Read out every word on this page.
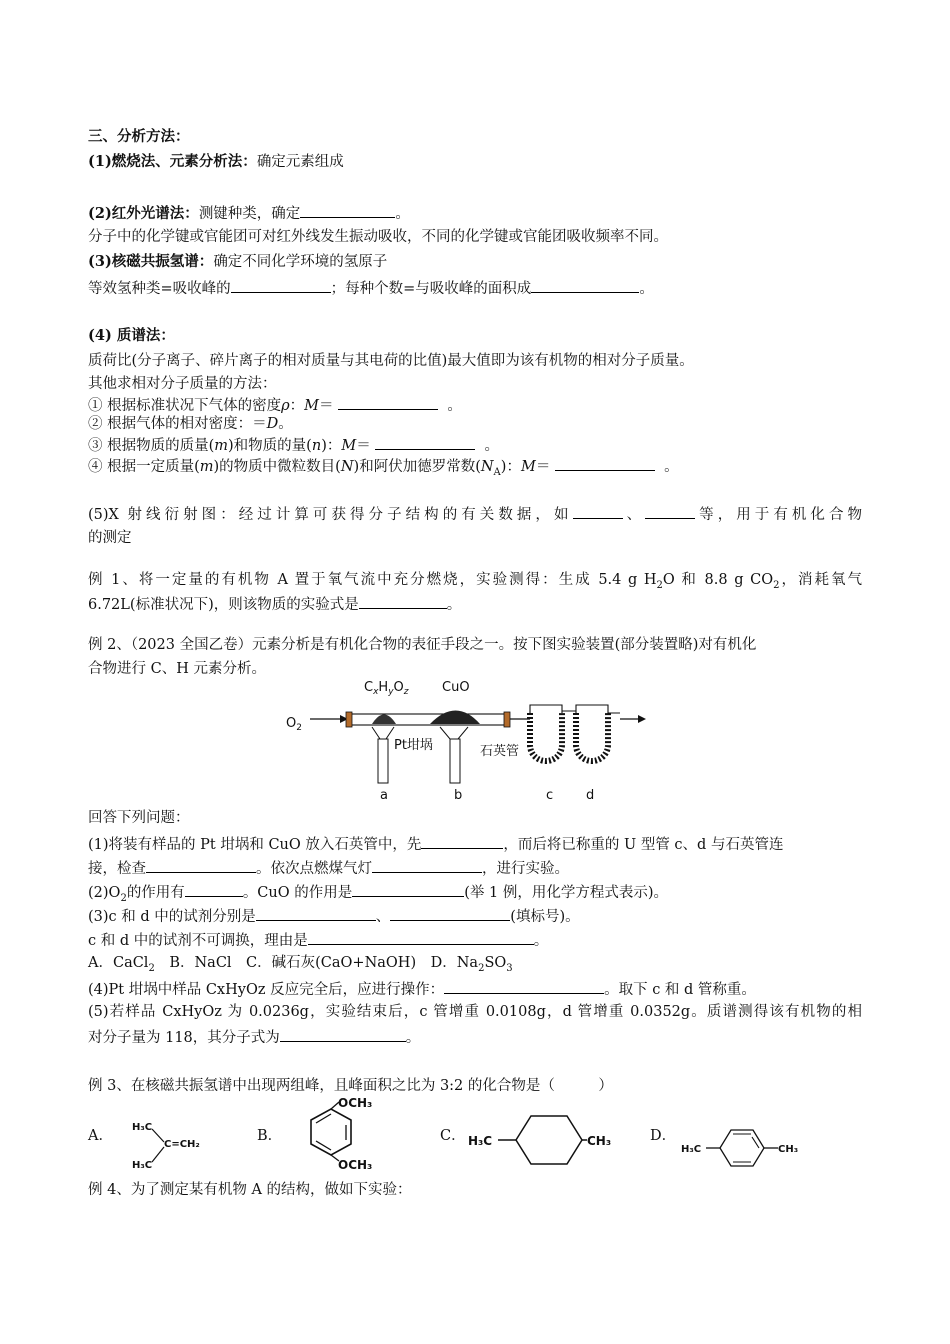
三、分析方法：
(1)燃烧法、元素分析法：确定元素组成
(2)红外光谱法：测键种类，确定	。
分子中的化学键或官能团可对红外线发生振动吸收，不同的化学键或官能团吸收频率不同。
(3)核磁共振氢谱：确定不同化学环境的氢原子
等效氢种类=吸收峰的	；每种个数=与吸收峰的面积成	。
(4) 质谱法：
质荷比(分子离子、碎片离子的相对质量与其电荷的比值)最大值即为该有机物的相对分子质量。
其他求相对分子质量的方法：
① 根据标准状况下气体的密度ρ：M＝	。
② 根据气体的相对密度：＝D。
③ 根据物质的质量(m)和物质的量(n)：M＝	。
④ 根据一定质量(m)的物质中微粒数目(N)和阿伏加德罗常数$(N_A)$：M＝	。
(5)X 射线衍射图：经过计算可获得分子结构的有关数据，如	、	等，用于有机化合物
的测定
例 1、将一定量的有机物 A 置于氧气流中充分燃烧，实验测得：生成 5.4 g $H_2O$ 和 8.8 g $CO_2$，消耗氧气
6.72L(标准状况下)，则该物质的实验式是	。
例 2、（2023 全国乙卷）元素分析是有机化合物的表征手段之一。按下图实验装置(部分装置略)对有机化
合物进行 C、H 元素分析。
$O_2$
$C_xH_yO_z$	CuO
Pt坩埚	石英管
a	b	c	d
回答下列问题：
(1)将装有样品的 Pt 坩埚和 CuO 放入石英管中，先	，而后将已称重的 U 型管 c、d 与石英管连
接，检查	。依次点燃煤气灯	，进行实验。
$(2)O_2$的作用有	。CuO 的作用是	(举 1 例，用化学方程式表示)。
(3)c 和 d 中的试剂分别是	、	(填标号)。
c 和 d 中的试剂不可调换，理由是	。
A．CaCl$_2$　B．NaCl　C．碱石灰(CaO+NaOH)　D．$Na_2SO_3$
(4)Pt 坩埚中样品 CxHyOz 反应完全后，应进行操作：	。取下 c 和 d 管称重。
(5)若样品 CxHyOz 为 0.0236g，实验结束后，c 管增重 0.0108g，d 管增重 0.0352g。质谱测得该有机物的相
对分子量为 118，其分子式为	。
例 3、在核磁共振氢谱中出现两组峰，且峰面积之比为 3:2 的化合物是（　　　）
A．
H₃C
C=CH₂
H₃C
B．
OCH₃
OCH₃
C． H₃C	CH₃	D．
H₃C	CH₃
例 4、为了测定某有机物 A 的结构，做如下实验：
